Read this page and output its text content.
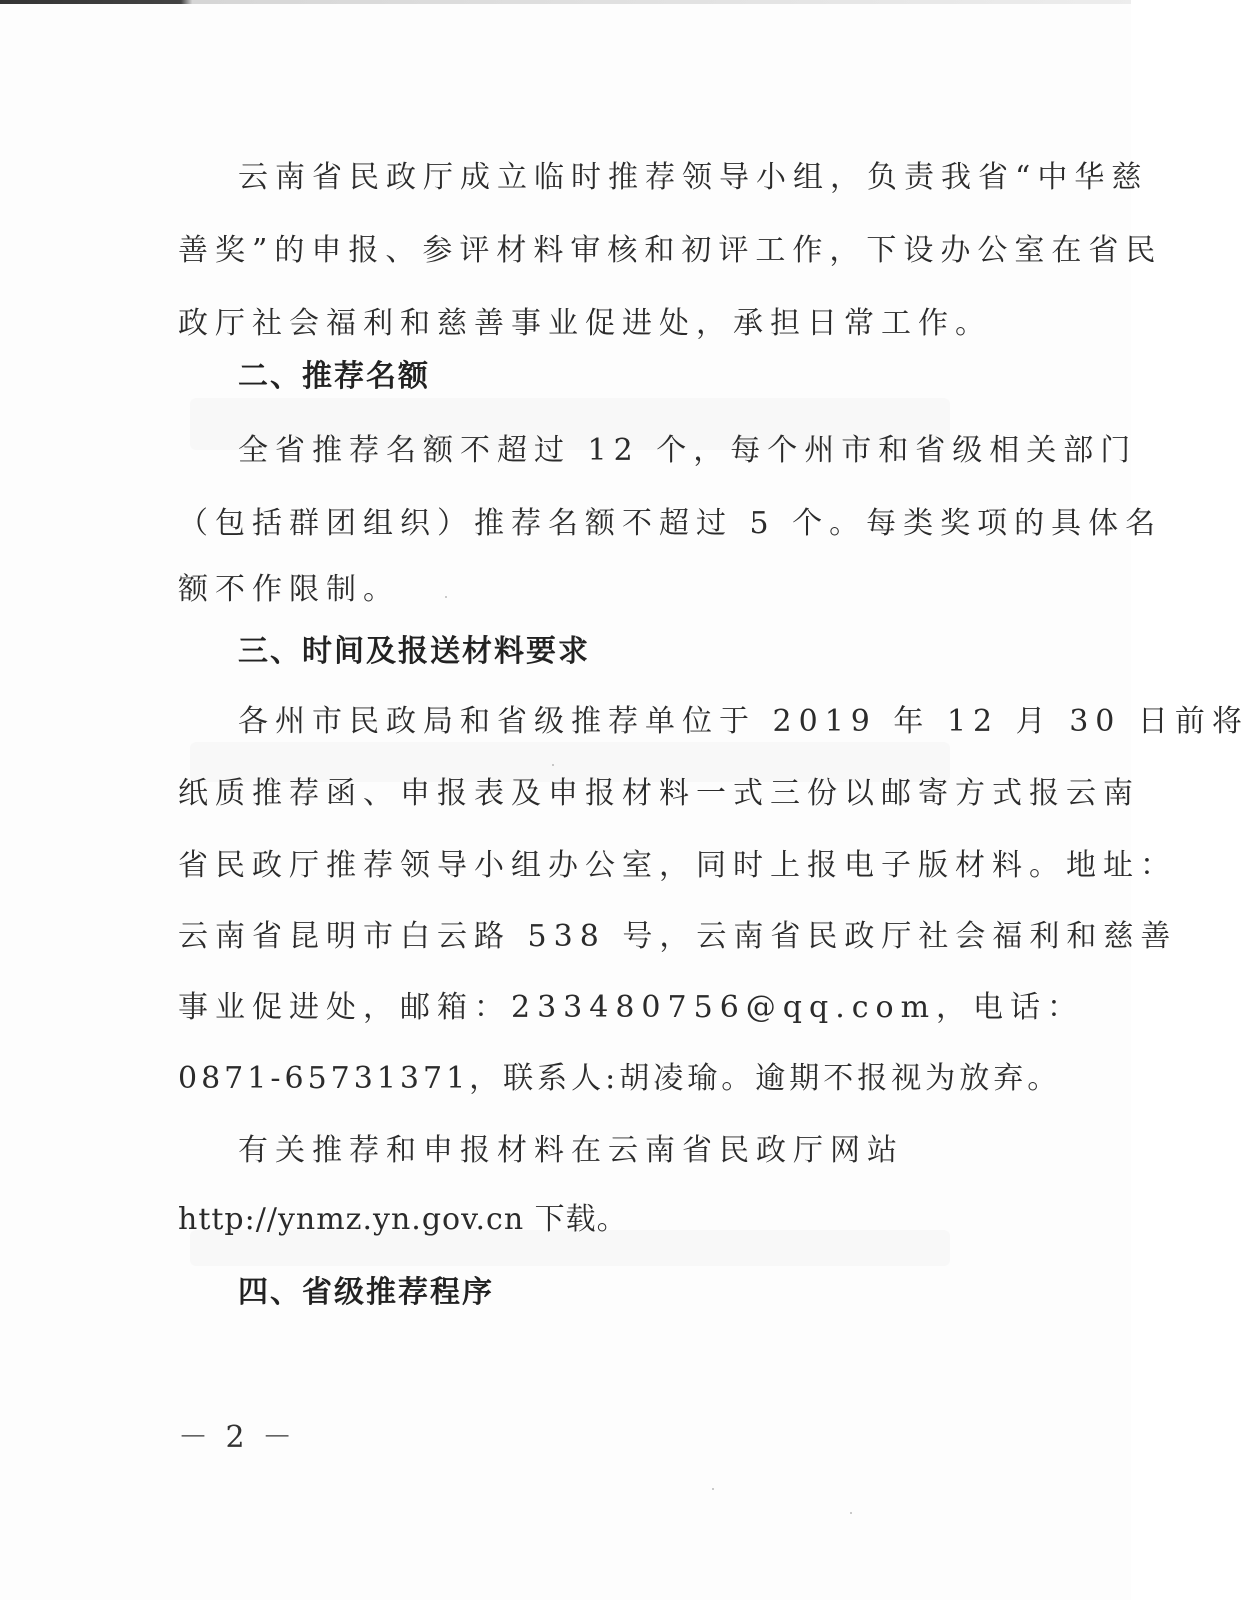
云南省民政厅成立临时推荐领导小组，负责我省“中华慈
善奖”的申报、参评材料审核和初评工作，下设办公室在省民
政厅社会福利和慈善事业促进处，承担日常工作。
二、推荐名额
全省推荐名额不超过 12 个，每个州市和省级相关部门
（包括群团组织）推荐名额不超过 5 个。每类奖项的具体名
额不作限制。
三、时间及报送材料要求
各州市民政局和省级推荐单位于 2019 年 12 月 30 日前将
纸质推荐函、申报表及申报材料一式三份以邮寄方式报云南
省民政厅推荐领导小组办公室，同时上报电子版材料。地址：
云南省昆明市白云路 538 号，云南省民政厅社会福利和慈善
事业促进处，邮箱：233480756@qq.com，电话：
0871-65731371，联系人:胡凌瑜。逾期不报视为放弃。
有关推荐和申报材料在云南省民政厅网站
http://ynmz.yn.gov.cn 下载。
四、省级推荐程序
－ 2 －
